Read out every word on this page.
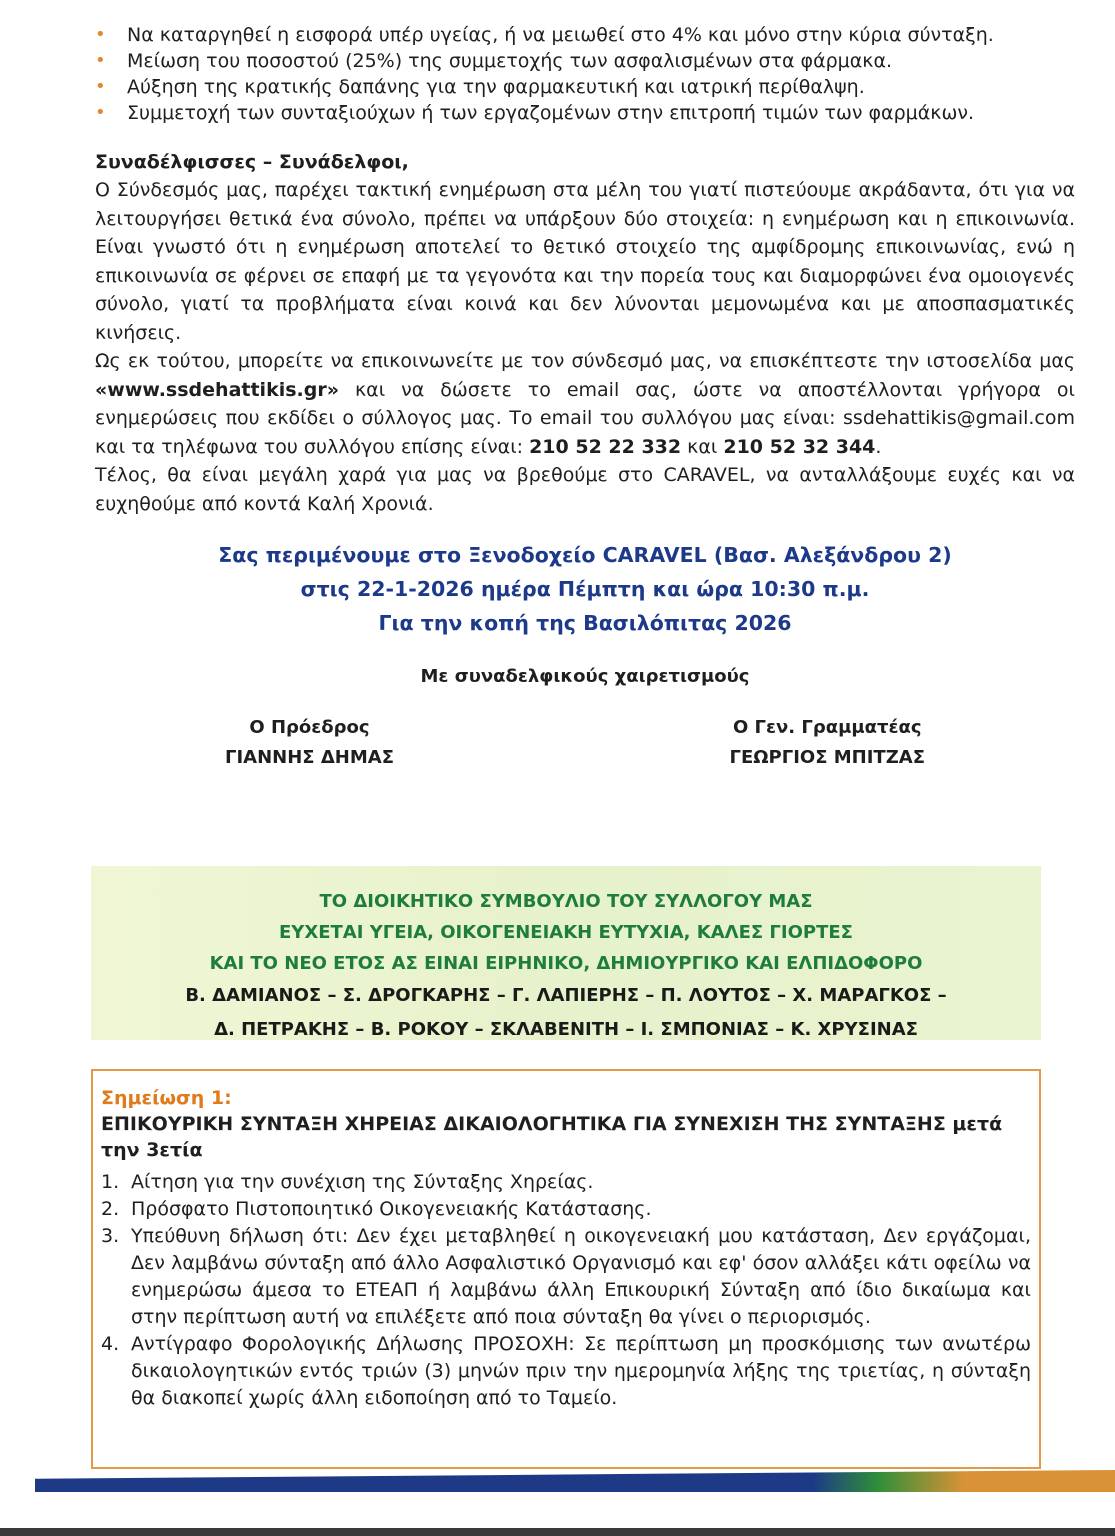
• Να καταργηθεί η εισφορά υπέρ υγείας, ή να μειωθεί στο 4% και μόνο στην κύρια σύνταξη.
• Μείωση του ποσοστού (25%) της συμμετοχής των ασφαλισμένων στα φάρμακα.
• Αύξηση της κρατικής δαπάνης για την φαρμακευτική και ιατρική περίθαλψη.
• Συμμετοχή των συνταξιούχων ή των εργαζομένων στην επιτροπή τιμών των φαρμάκων.
Συναδέλφισσες – Συνάδελφοι,

Ο Σύνδεσμός μας, παρέχει τακτική ενημέρωση στα μέλη του γιατί πιστεύουμε ακράδαντα, ότι για να λειτουργήσει θετικά ένα σύνολο, πρέπει να υπάρξουν δύο στοιχεία: η ενημέρωση και η επικοινωνία. Είναι γνωστό ότι η ενημέρωση αποτελεί το θετικό στοιχείο της αμφίδρομης επικοινωνίας, ενώ η επικοινωνία σε φέρνει σε επαφή με τα γεγονότα και την πορεία τους και διαμορφώνει ένα ομοιογενές σύνολο, γιατί τα προβλήματα είναι κοινά και δεν λύνονται μεμονωμένα και με αποσπασματικές κινήσεις.

Ως εκ τούτου, μπορείτε να επικοινωνείτε με τον σύνδεσμό μας, να επισκέπτεστε την ιστοσελίδα μας «www.ssdehattikis.gr» και να δώσετε το email σας, ώστε να αποστέλλονται γρήγορα οι ενημερώσεις που εκδίδει ο σύλλογος μας. Το email του συλλόγου μας είναι: ssdehattikis@gmail.com και τα τηλέφωνα του συλλόγου επίσης είναι: 210 52 22 332 και 210 52 32 344.

Τέλος, θα είναι μεγάλη χαρά για μας να βρεθούμε στο CARAVEL, να ανταλλάξουμε ευχές και να ευχηθούμε από κοντά Καλή Χρονιά.

Σας περιμένουμε στο Ξενοδοχείο CARAVEL (Βασ. Αλεξάνδρου 2)
στις 22-1-2026 ημέρα Πέμπτη και ώρα 10:30 π.μ.
Για την κοπή της Βασιλόπιτας 2026
Με συναδελφικούς χαιρετισμούς
Ο Πρόεδρος
ΓΙΑΝΝΗΣ ΔΗΜΑΣ
Ο Γεν. Γραμματέας
ΓΕΩΡΓΙΟΣ ΜΠΙΤΖΑΣ
ΤΟ ΔΙΟΙΚΗΤΙΚΟ ΣΥΜΒΟΥΛΙΟ ΤΟΥ ΣΥΛΛΟΓΟΥ ΜΑΣ
ΕΥΧΕΤΑΙ ΥΓΕΙΑ, ΟΙΚΟΓΕΝΕΙΑΚΗ ΕΥΤΥΧΙΑ, ΚΑΛΕΣ ΓΙΟΡΤΕΣ
ΚΑΙ ΤΟ ΝΕΟ ΕΤΟΣ ΑΣ ΕΙΝΑΙ ΕΙΡΗΝΙΚΟ, ΔΗΜΙΟΥΡΓΙΚΟ ΚΑΙ ΕΛΠΙΔΟΦΟΡΟ
Β. ΔΑΜΙΑΝΟΣ – Σ. ΔΡΟΓΚΑΡΗΣ – Γ. ΛΑΠΙΕΡΗΣ – Π. ΛΟΥΤΟΣ – Χ. ΜΑΡΑΓΚΟΣ –
Δ. ΠΕΤΡΑΚΗΣ – Β. ΡΟΚΟΥ – ΣΚΛΑΒΕΝΙΤΗ – Ι. ΣΜΠΟΝΙΑΣ – Κ. ΧΡΥΣΙΝΑΣ
Σημείωση 1:
ΕΠΙΚΟΥΡΙΚΗ ΣΥΝΤΑΞΗ ΧΗΡΕΙΑΣ ΔΙΚΑΙΟΛΟΓΗΤΙΚΑ ΓΙΑ ΣΥΝΕΧΙΣΗ ΤΗΣ ΣΥΝΤΑΞΗΣ μετά την 3ετία
1. Αίτηση για την συνέχιση της Σύνταξης Χηρείας.
2. Πρόσφατο Πιστοποιητικό Οικογενειακής Κατάστασης.
3. Υπεύθυνη δήλωση ότι: Δεν έχει μεταβληθεί η οικογενειακή μου κατάσταση, Δεν εργάζομαι, Δεν λαμβάνω σύνταξη από άλλο Ασφαλιστικό Οργανισμό και εφ' όσον αλλάξει κάτι οφείλω να ενημερώσω άμεσα το ΕΤΕΑΠ ή λαμβάνω άλλη Επικουρική Σύνταξη από ίδιο δικαίωμα και στην περίπτωση αυτή να επιλέξετε από ποια σύνταξη θα γίνει ο περιορισμός.
4. Αντίγραφο Φορολογικής Δήλωσης ΠΡΟΣΟΧΗ: Σε περίπτωση μη προσκόμισης των ανωτέρω δικαιολογητικών εντός τριών (3) μηνών πριν την ημερομηνία λήξης της τριετίας, η σύνταξη θα διακοπεί χωρίς άλλη ειδοποίηση από το Ταμείο.
